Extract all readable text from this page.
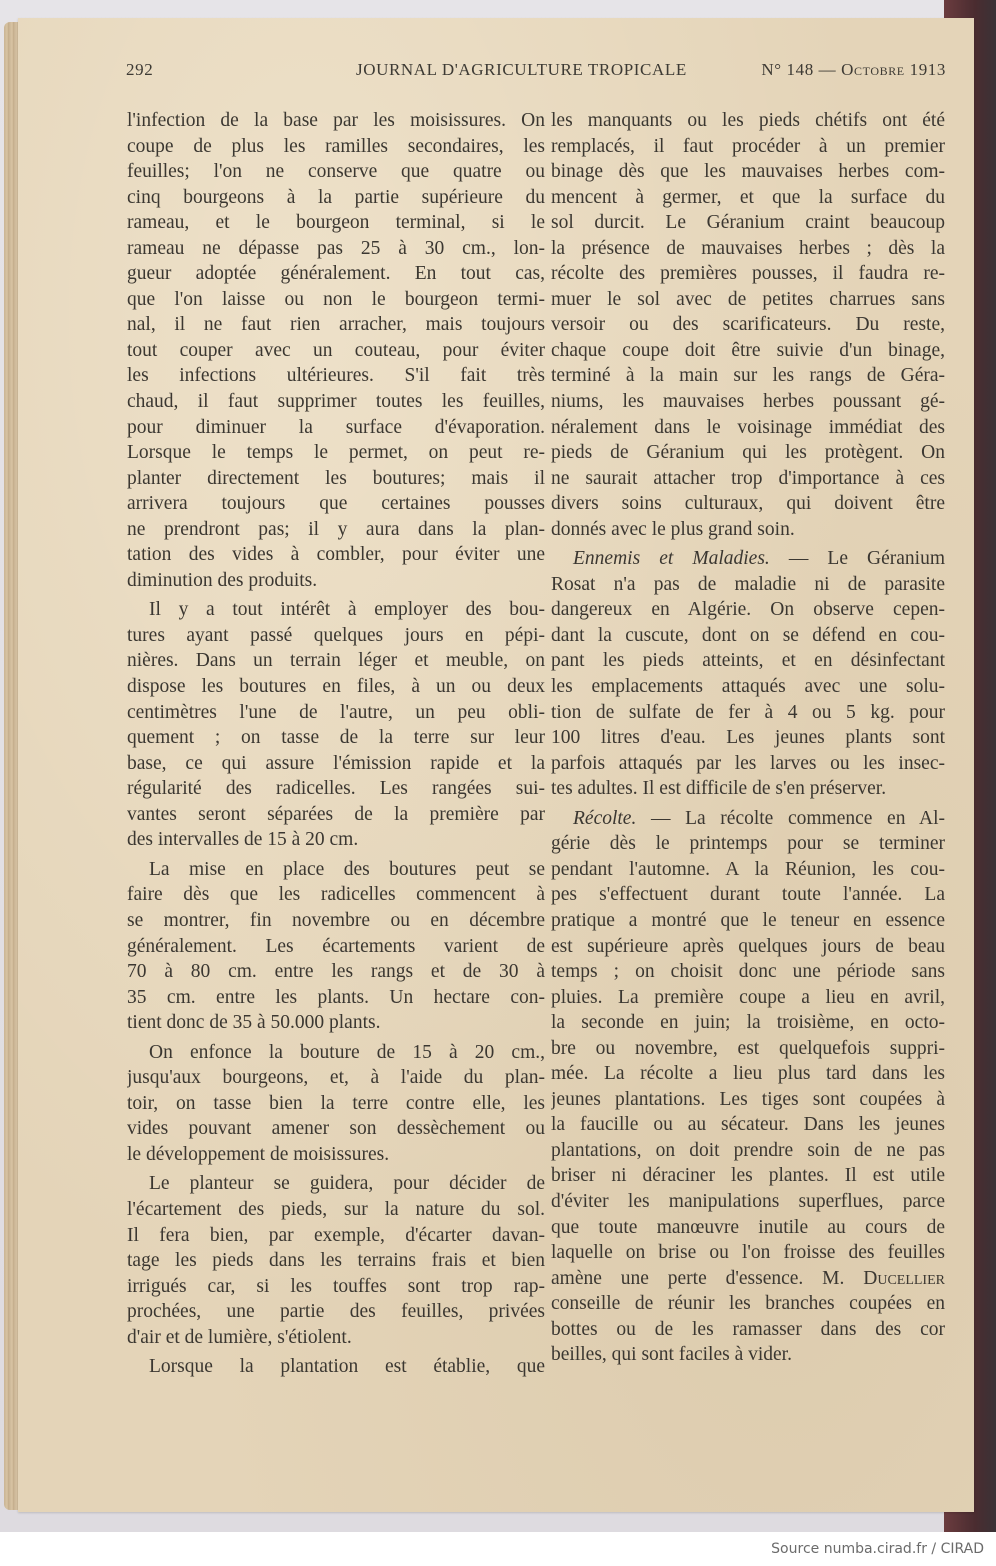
292	JOURNAL D'AGRICULTURE TROPICALE	N° 148 — Octobre 1913
l'infection de la base par les moisissures. On
coupe de plus les ramilles secondaires, les
feuilles; l'on ne conserve que quatre ou
cinq bourgeons à la partie supérieure du
rameau, et le bourgeon terminal, si le
rameau ne dépasse pas 25 à 30 cm., lon-
gueur adoptée généralement. En tout cas,
que l'on laisse ou non le bourgeon termi-
nal, il ne faut rien arracher, mais toujours
tout couper avec un couteau, pour éviter
les infections ultérieures. S'il fait très
chaud, il faut supprimer toutes les feuilles,
pour diminuer la surface d'évaporation.
Lorsque le temps le permet, on peut re-
planter directement les boutures; mais il
arrivera toujours que certaines pousses
ne prendront pas; il y aura dans la plan-
tation des vides à combler, pour éviter une
diminution des produits.
Il y a tout intérêt à employer des bou-
tures ayant passé quelques jours en pépi-
nières. Dans un terrain léger et meuble, on
dispose les boutures en files, à un ou deux
centimètres l'une de l'autre, un peu obli-
quement ; on tasse de la terre sur leur
base, ce qui assure l'émission rapide et la
régularité des radicelles. Les rangées sui-
vantes seront séparées de la première par
des intervalles de 15 à 20 cm.
La mise en place des boutures peut se
faire dès que les radicelles commencent à
se montrer, fin novembre ou en décembre
généralement. Les écartements varient de
70 à 80 cm. entre les rangs et de 30 à
35 cm. entre les plants. Un hectare con-
tient donc de 35 à 50.000 plants.
On enfonce la bouture de 15 à 20 cm.,
jusqu'aux bourgeons, et, à l'aide du plan-
toir, on tasse bien la terre contre elle, les
vides pouvant amener son dessèchement ou
le développement de moisissures.
Le planteur se guidera, pour décider de
l'écartement des pieds, sur la nature du sol.
Il fera bien, par exemple, d'écarter davan-
tage les pieds dans les terrains frais et bien
irrigués car, si les touffes sont trop rap-
prochées, une partie des feuilles, privées
d'air et de lumière, s'étiolent.
Lorsque la plantation est établie, que
les manquants ou les pieds chétifs ont été
remplacés, il faut procéder à un premier
binage dès que les mauvaises herbes com-
mencent à germer, et que la surface du
sol durcit. Le Géranium craint beaucoup
la présence de mauvaises herbes ; dès la
récolte des premières pousses, il faudra re-
muer le sol avec de petites charrues sans
versoir ou des scarificateurs. Du reste,
chaque coupe doit être suivie d'un binage,
terminé à la main sur les rangs de Géra-
niums, les mauvaises herbes poussant gé-
néralement dans le voisinage immédiat des
pieds de Géranium qui les protègent. On
ne saurait attacher trop d'importance à ces
divers soins culturaux, qui doivent être
donnés avec le plus grand soin.
Ennemis et Maladies. — Le Géranium
Rosat n'a pas de maladie ni de parasite
dangereux en Algérie. On observe cepen-
dant la cuscute, dont on se défend en cou-
pant les pieds atteints, et en désinfectant
les emplacements attaqués avec une solu-
tion de sulfate de fer à 4 ou 5 kg. pour
100 litres d'eau. Les jeunes plants sont
parfois attaqués par les larves ou les insec-
tes adultes. Il est difficile de s'en préserver.
Récolte. — La récolte commence en Al-
gérie dès le printemps pour se terminer
pendant l'automne. A la Réunion, les cou-
pes s'effectuent durant toute l'année. La
pratique a montré que le teneur en essence
est supérieure après quelques jours de beau
temps ; on choisit donc une période sans
pluies. La première coupe a lieu en avril,
la seconde en juin; la troisième, en octo-
bre ou novembre, est quelquefois suppri-
mée. La récolte a lieu plus tard dans les
jeunes plantations. Les tiges sont coupées à
la faucille ou au sécateur. Dans les jeunes
plantations, on doit prendre soin de ne pas
briser ni déraciner les plantes. Il est utile
d'éviter les manipulations superflues, parce
que toute manœuvre inutile au cours de
laquelle on brise ou l'on froisse des feuilles
amène une perte d'essence. M. Ducellier
conseille de réunir les branches coupées en
bottes ou de les ramasser dans des cor
beilles, qui sont faciles à vider.
Source numba.cirad.fr / CIRAD
